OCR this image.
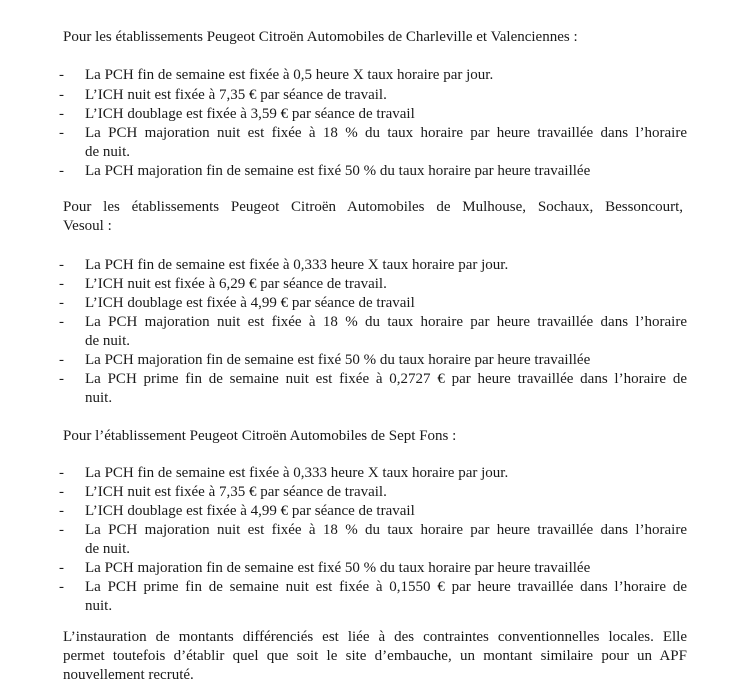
Pour les établissements Peugeot Citroën Automobiles de Charleville et Valenciennes :

-	La PCH fin de semaine est fixée à 0,5 heure X taux horaire par jour.
-	L’ICH nuit est fixée à 7,35 € par séance de travail.
-	L’ICH doublage est fixée à 3,59 € par séance de travail
-	La PCH majoration nuit est fixée à 18 % du taux horaire par heure travaillée dans l’horaire
de nuit.
-	La PCH majoration fin de semaine est fixé 50 % du taux horaire par heure travaillée

Pour les établissements Peugeot Citroën Automobiles de Mulhouse, Sochaux, Bessoncourt,

Vesoul :

-	La PCH fin de semaine est fixée à 0,333 heure X taux horaire par jour.
-	L’ICH nuit est fixée à 6,29 € par séance de travail.
-	L’ICH doublage est fixée à 4,99 € par séance de travail
-	La PCH majoration nuit est fixée à 18 % du taux horaire par heure travaillée dans l’horaire
de nuit.
-	La PCH majoration fin de semaine est fixé 50 % du taux horaire par heure travaillée
-	La PCH prime fin de semaine nuit est fixée à 0,2727 € par heure travaillée dans l’horaire de
nuit.

Pour l’établissement Peugeot Citroën Automobiles de Sept Fons :

-	La PCH fin de semaine est fixée à 0,333 heure X taux horaire par jour.
-	L’ICH nuit est fixée à 7,35 € par séance de travail.
-	L’ICH doublage est fixée à 4,99 € par séance de travail
-	La PCH majoration nuit est fixée à 18 % du taux horaire par heure travaillée dans l’horaire
de nuit.
-	La PCH majoration fin de semaine est fixé 50 % du taux horaire par heure travaillée
-	La PCH prime fin de semaine nuit est fixée à 0,1550 € par heure travaillée dans l’horaire de
nuit.

L’instauration de montants différenciés est liée à des contraintes conventionnelles locales. Elle

permet toutefois d’établir quel que soit le site d’embauche, un montant similaire pour un APF

nouvellement recruté.
